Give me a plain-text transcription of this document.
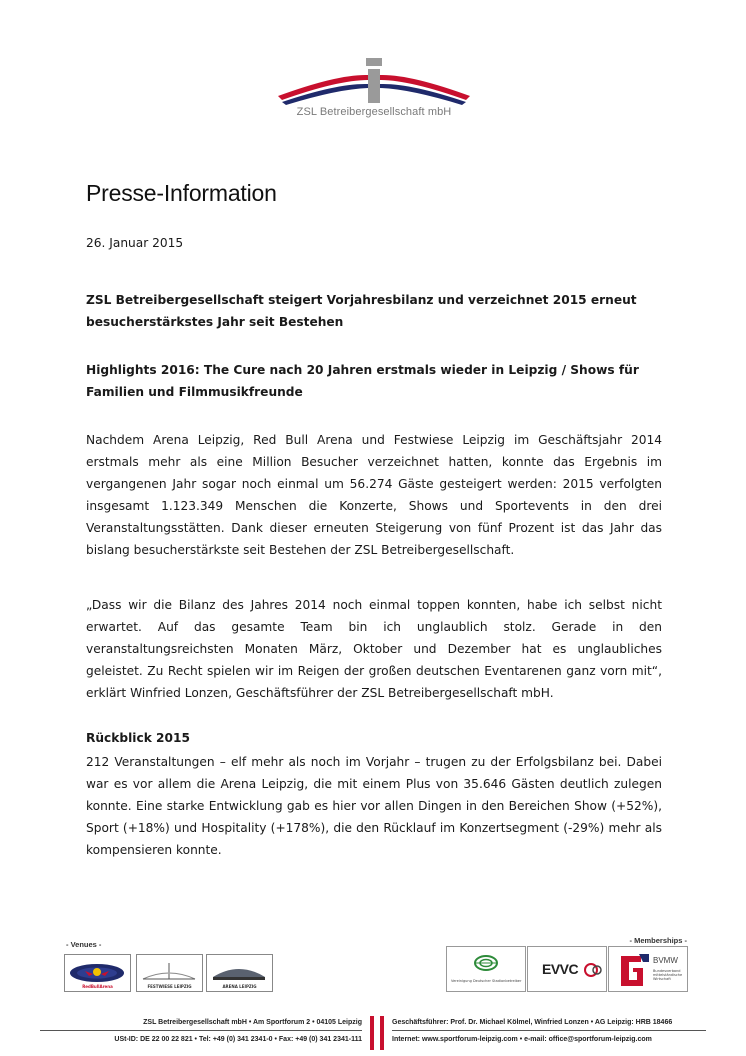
ZSL Betreibergesellschaft mbH
Presse-Information
26. Januar 2015
ZSL Betreibergesellschaft steigert Vorjahresbilanz und verzeichnet 2015 erneut besucherstärkstes Jahr seit Bestehen
Highlights 2016: The Cure nach 20 Jahren erstmals wieder in Leipzig / Shows für Familien und Filmmusikfreunde
Nachdem Arena Leipzig, Red Bull Arena und Festwiese Leipzig im Geschäftsjahr 2014 erstmals mehr als eine Million Besucher verzeichnet hatten, konnte das Ergebnis im vergangenen Jahr sogar noch einmal um 56.274 Gäste gesteigert werden: 2015 verfolgten insgesamt 1.123.349 Menschen die Konzerte, Shows und Sportevents in den drei Veranstaltungsstätten. Dank dieser erneuten Steigerung von fünf Prozent ist das Jahr das bislang besucherstärkste seit Bestehen der ZSL Betreibergesellschaft.
„Dass wir die Bilanz des Jahres 2014 noch einmal toppen konnten, habe ich selbst nicht erwartet. Auf das gesamte Team bin ich unglaublich stolz. Gerade in den veranstaltungsreichsten Monaten März, Oktober und Dezember hat es unglaubliches geleistet. Zu Recht spielen wir im Reigen der großen deutschen Eventarenen ganz vorn mit“, erklärt Winfried Lonzen, Geschäftsführer der ZSL Betreibergesellschaft mbH.
Rückblick 2015
212 Veranstaltungen – elf mehr als noch im Vorjahr – trugen zu der Erfolgsbilanz bei. Dabei war es vor allem die Arena Leipzig, die mit einem Plus von 35.646 Gästen deutlich zulegen konnte. Eine starke Entwicklung gab es hier vor allen Dingen in den Bereichen Show (+52%), Sport (+18%) und Hospitality (+178%), die den Rücklauf im Konzertsegment (-29%) mehr als kompensieren konnte.
- Venues -
RedBullArena	FESTWIESE LEIPZIG	ARENA LEIPZIG
- Memberships -
Vereinigung Deutscher Stadionbetreiber
EVVC
BVMW
Bundesverband mittelständische Wirtschaft
ZSL Betreibergesellschaft mbH • Am Sportforum 2 • 04105 Leipzig
USt-ID: DE 22 00 22 821 • Tel: +49 (0) 341 2341-0 • Fax: +49 (0) 341 2341-111
Geschäftsführer: Prof. Dr. Michael Kölmel, Winfried Lonzen • AG Leipzig: HRB 18466
Internet: www.sportforum-leipzig.com • e-mail: office@sportforum-leipzig.com
